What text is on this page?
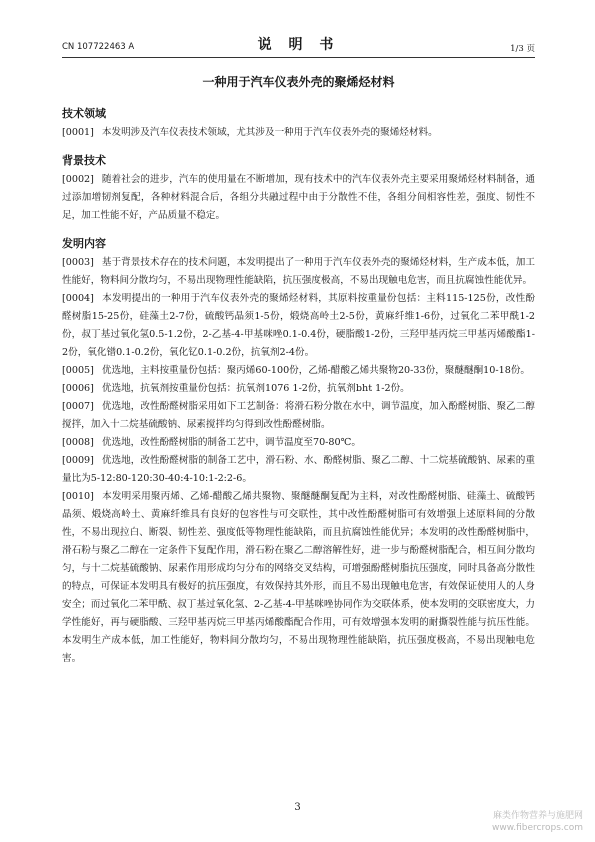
CN 107722463 A	说 明 书	1/3 页
一种用于汽车仪表外壳的聚烯烃材料
技术领域

[0001] 本发明涉及汽车仪表技术领域，尤其涉及一种用于汽车仪表外壳的聚烯烃材料。

背景技术

[0002] 随着社会的进步，汽车的使用量在不断增加，现有技术中的汽车仪表外壳主要采用聚烯烃材料制备，通过添加增韧剂复配，各种材料混合后，各组分共融过程中由于分散性不佳，各组分间相容性差，强度、韧性不足，加工性能不好，产品质量不稳定。

发明内容

[0003] 基于背景技术存在的技术问题，本发明提出了一种用于汽车仪表外壳的聚烯烃材料，生产成本低，加工性能好，物料间分散均匀，不易出现物理性能缺陷，抗压强度极高，不易出现触电危害，而且抗腐蚀性能优异。

[0004] 本发明提出的一种用于汽车仪表外壳的聚烯烃材料，其原料按重量份包括：主料115-125份，改性酚醛树脂15-25份，硅藻土2-7份，硫酸钙晶须1-5份，煅烧高岭土2-5份，黄麻纤维1-6份，过氧化二苯甲酰1-2份，叔丁基过氧化氢0.5-1.2份，2-乙基-4-甲基咪唑0.1-0.4份，硬脂酸1-2份，三羟甲基丙烷三甲基丙烯酸酯1-2份，氧化镨0.1-0.2份，氧化钇0.1-0.2份，抗氧剂2-4份。

[0005] 优选地，主料按重量份包括：聚丙烯60-100份，乙烯-醋酸乙烯共聚物20-33份，聚醚醚酮10-18份。

[0006] 优选地，抗氧剂按重量份包括：抗氧剂1076 1-2份，抗氧剂bht 1-2份。

[0007] 优选地，改性酚醛树脂采用如下工艺制备：将滑石粉分散在水中，调节温度，加入酚醛树脂、聚乙二醇搅拌，加入十二烷基硫酸钠、尿素搅拌均匀得到改性酚醛树脂。

[0008] 优选地，改性酚醛树脂的制备工艺中，调节温度至70-80℃。

[0009] 优选地，改性酚醛树脂的制备工艺中，滑石粉、水、酚醛树脂、聚乙二醇、十二烷基硫酸钠、尿素的重量比为5-12:80-120:30-40:4-10:1-2:2-6。

[0010] 本发明采用聚丙烯、乙烯-醋酸乙烯共聚物、聚醚醚酮复配为主料，对改性酚醛树脂、硅藻土、硫酸钙晶须、煅烧高岭土、黄麻纤维具有良好的包容性与可交联性，其中改性酚醛树脂可有效增强上述原料间的分散性，不易出现拉白、断裂、韧性差、强度低等物理性能缺陷，而且抗腐蚀性能优异；本发明的改性酚醛树脂中，滑石粉与聚乙二醇在一定条件下复配作用，滑石粉在聚乙二醇溶解性好，进一步与酚醛树脂配合，相互间分散均匀，与十二烷基硫酸钠、尿素作用形成均匀分布的网络交叉结构，可增强酚醛树脂抗压强度，同时具备高分散性的特点，可保证本发明具有极好的抗压强度，有效保持其外形，而且不易出现触电危害，有效保证使用人的人身安全；而过氧化二苯甲酰、叔丁基过氧化氢、2-乙基-4-甲基咪唑协同作为交联体系，使本发明的交联密度大，力学性能好，再与硬脂酸、三羟甲基丙烷三甲基丙烯酸酯配合作用，可有效增强本发明的耐撕裂性能与抗压性能。本发明生产成本低，加工性能好，物料间分散均匀，不易出现物理性能缺陷，抗压强度极高，不易出现触电危害。

3
麻类作物营养与施肥网
www.fibercrops.com
